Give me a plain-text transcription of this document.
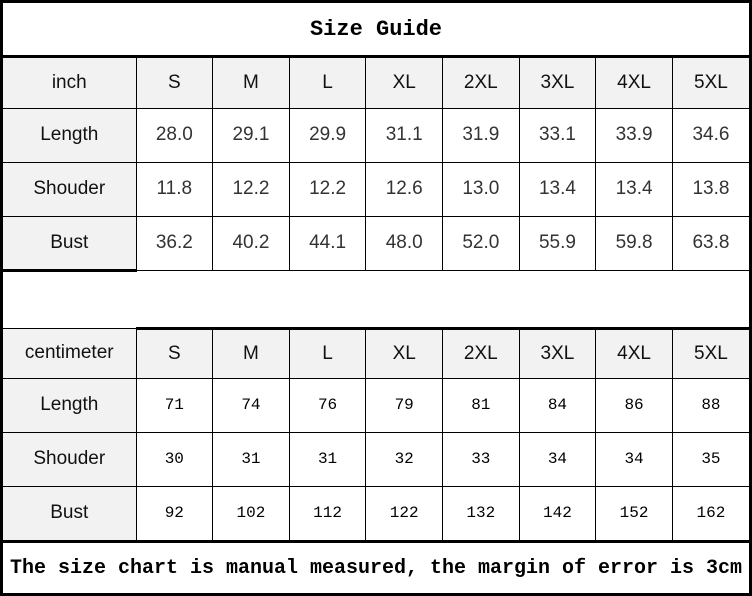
Size Guide
inch	S	M	L	XL	2XL	3XL	4XL	5XL
Length	28.0	29.1	29.9	31.1	31.9	33.1	33.9	34.6
Shouder	11.8	12.2	12.2	12.6	13.0	13.4	13.4	13.8
Bust	36.2	40.2	44.1	48.0	52.0	55.9	59.8	63.8
centimeter	S	M	L	XL	2XL	3XL	4XL	5XL
Length	71	74	76	79	81	84	86	88
Shouder	30	31	31	32	33	34	34	35
Bust	92	102	112	122	132	142	152	162
The size chart is manual measured, the margin of error is 3cm
